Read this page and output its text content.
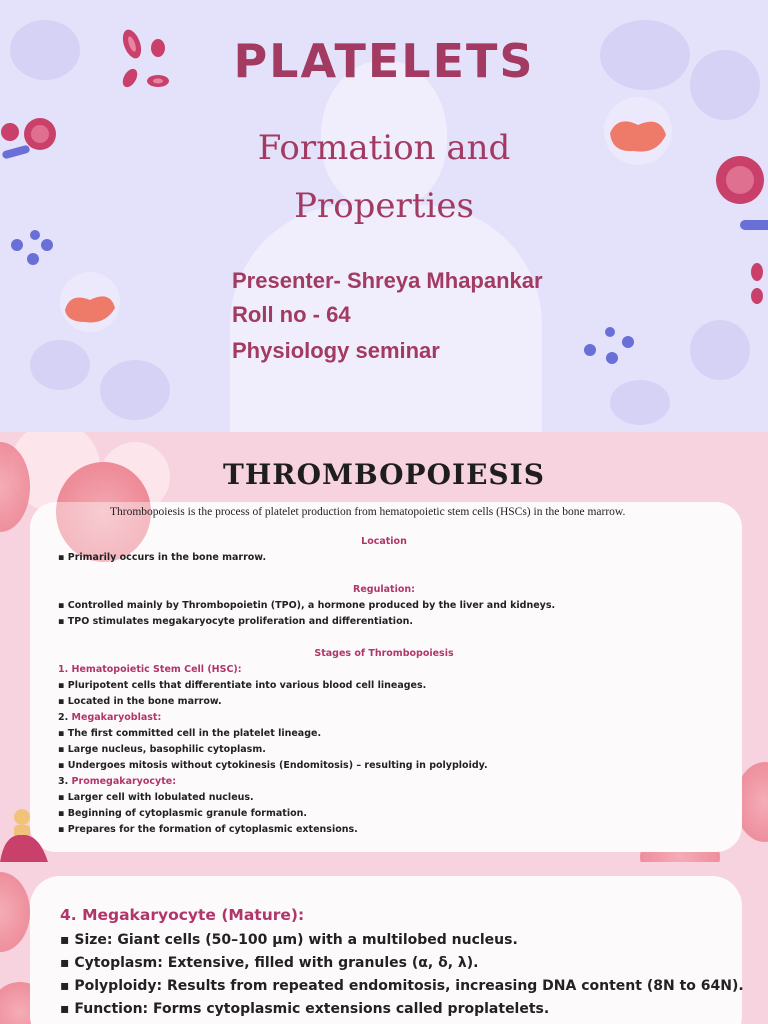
PLATELETS
Formation and
Properties
Presenter- Shreya Mhapankar
Roll no - 64
Physiology seminar
THROMBOPOIESIS

Thrombopoiesis is the process of platelet production from hematopoietic stem cells (HSCs) in the bone marrow.

Location
▪ Primarily occurs in the bone marrow.
Regulation:
▪ Controlled mainly by Thrombopoietin (TPO), a hormone produced by the liver and kidneys.
▪ TPO stimulates megakaryocyte proliferation and differentiation.
Stages of Thrombopoiesis
1. Hematopoietic Stem Cell (HSC):
▪ Pluripotent cells that differentiate into various blood cell lineages.
▪ Located in the bone marrow.
2. Megakaryoblast:
▪ The first committed cell in the platelet lineage.
▪ Large nucleus, basophilic cytoplasm.
▪ Undergoes mitosis without cytokinesis (Endomitosis) – resulting in polyploidy.
3. Promegakaryocyte:
▪ Larger cell with lobulated nucleus.
▪ Beginning of cytoplasmic granule formation.
▪ Prepares for the formation of cytoplasmic extensions.
4. Megakaryocyte (Mature):
▪ Size: Giant cells (50–100 µm) with a multilobed nucleus.
▪ Cytoplasm: Extensive, filled with granules (α, δ, λ).
▪ Polyploidy: Results from repeated endomitosis, increasing DNA content (8N to 64N).
▪ Function: Forms cytoplasmic extensions called proplatelets.
